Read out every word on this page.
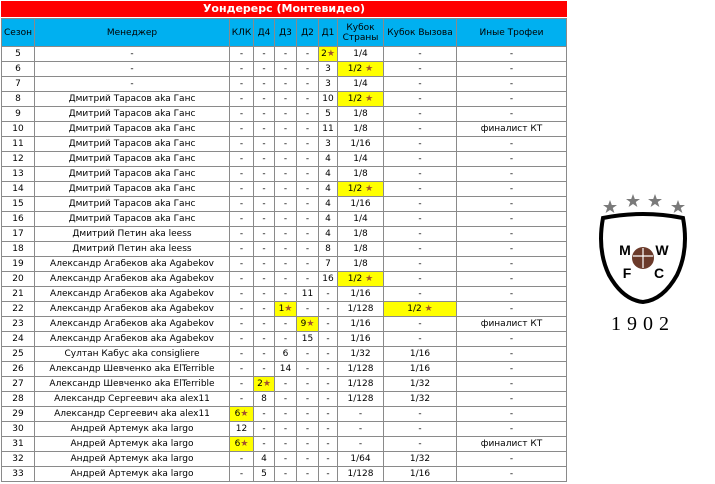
Уондерерс (Монтевидео)
Сезон	Менеджер	КЛК	Д4	Д3	Д2	Д1	Кубок Страны	Кубок Вызова	Иные Трофеи
5	-	-	-	-	-	2★	1/4	-	-
6	-	-	-	-	-	3	1/2 ★	-	-
7	-	-	-	-	-	3	1/4	-	-
8	Дмитрий Тарасов aka Ганс	-	-	-	-	10	1/2 ★	-	-
9	Дмитрий Тарасов aka Ганс	-	-	-	-	5	1/8	-	-
10	Дмитрий Тарасов aka Ганс	-	-	-	-	11	1/8	-	финалист КТ
11	Дмитрий Тарасов aka Ганс	-	-	-	-	3	1/16	-	-
12	Дмитрий Тарасов aka Ганс	-	-	-	-	4	1/4	-	-
13	Дмитрий Тарасов aka Ганс	-	-	-	-	4	1/8	-	-
14	Дмитрий Тарасов aka Ганс	-	-	-	-	4	1/2 ★	-	-
15	Дмитрий Тарасов aka Ганс	-	-	-	-	4	1/16	-	-
16	Дмитрий Тарасов aka Ганс	-	-	-	-	4	1/4	-	-
17	Дмитрий Петин aka leess	-	-	-	-	4	1/8	-	-
18	Дмитрий Петин aka leess	-	-	-	-	8	1/8	-	-
19	Александр Агабеков aka Agabekov	-	-	-	-	7	1/8	-	-
20	Александр Агабеков aka Agabekov	-	-	-	-	16	1/2 ★	-	-
21	Александр Агабеков aka Agabekov	-	-	-	11	-	1/16	-	-
22	Александр Агабеков aka Agabekov	-	-	1★	-	-	1/128	1/2 ★	-
23	Александр Агабеков aka Agabekov	-	-	-	9★	-	1/16	-	финалист КТ
24	Александр Агабеков aka Agabekov	-	-	-	15	-	1/16	-	-
25	Султан Кабус aka consigliere	-	-	6	-	-	1/32	1/16	-
26	Александр Шевченко aka ElTerrible	-	-	14	-	-	1/128	1/16	-
27	Александр Шевченко aka ElTerrible	-	2★	-	-	-	1/128	1/32	-
28	Александр Сергеевич aka alex11	-	8	-	-	-	1/128	1/32	-
29	Александр Сергеевич aka alex11	6★	-	-	-	-	-	-	-
30	Андрей Артемук aka largo	12	-	-	-	-	-	-	-
31	Андрей Артемук aka largo	6★	-	-	-	-	-	-	финалист КТ
32	Андрей Артемук aka largo	-	4	-	-	-	1/64	1/32	-
33	Андрей Артемук aka largo	-	5	-	-	-	1/128	1/16	-
M W
F C
1902
